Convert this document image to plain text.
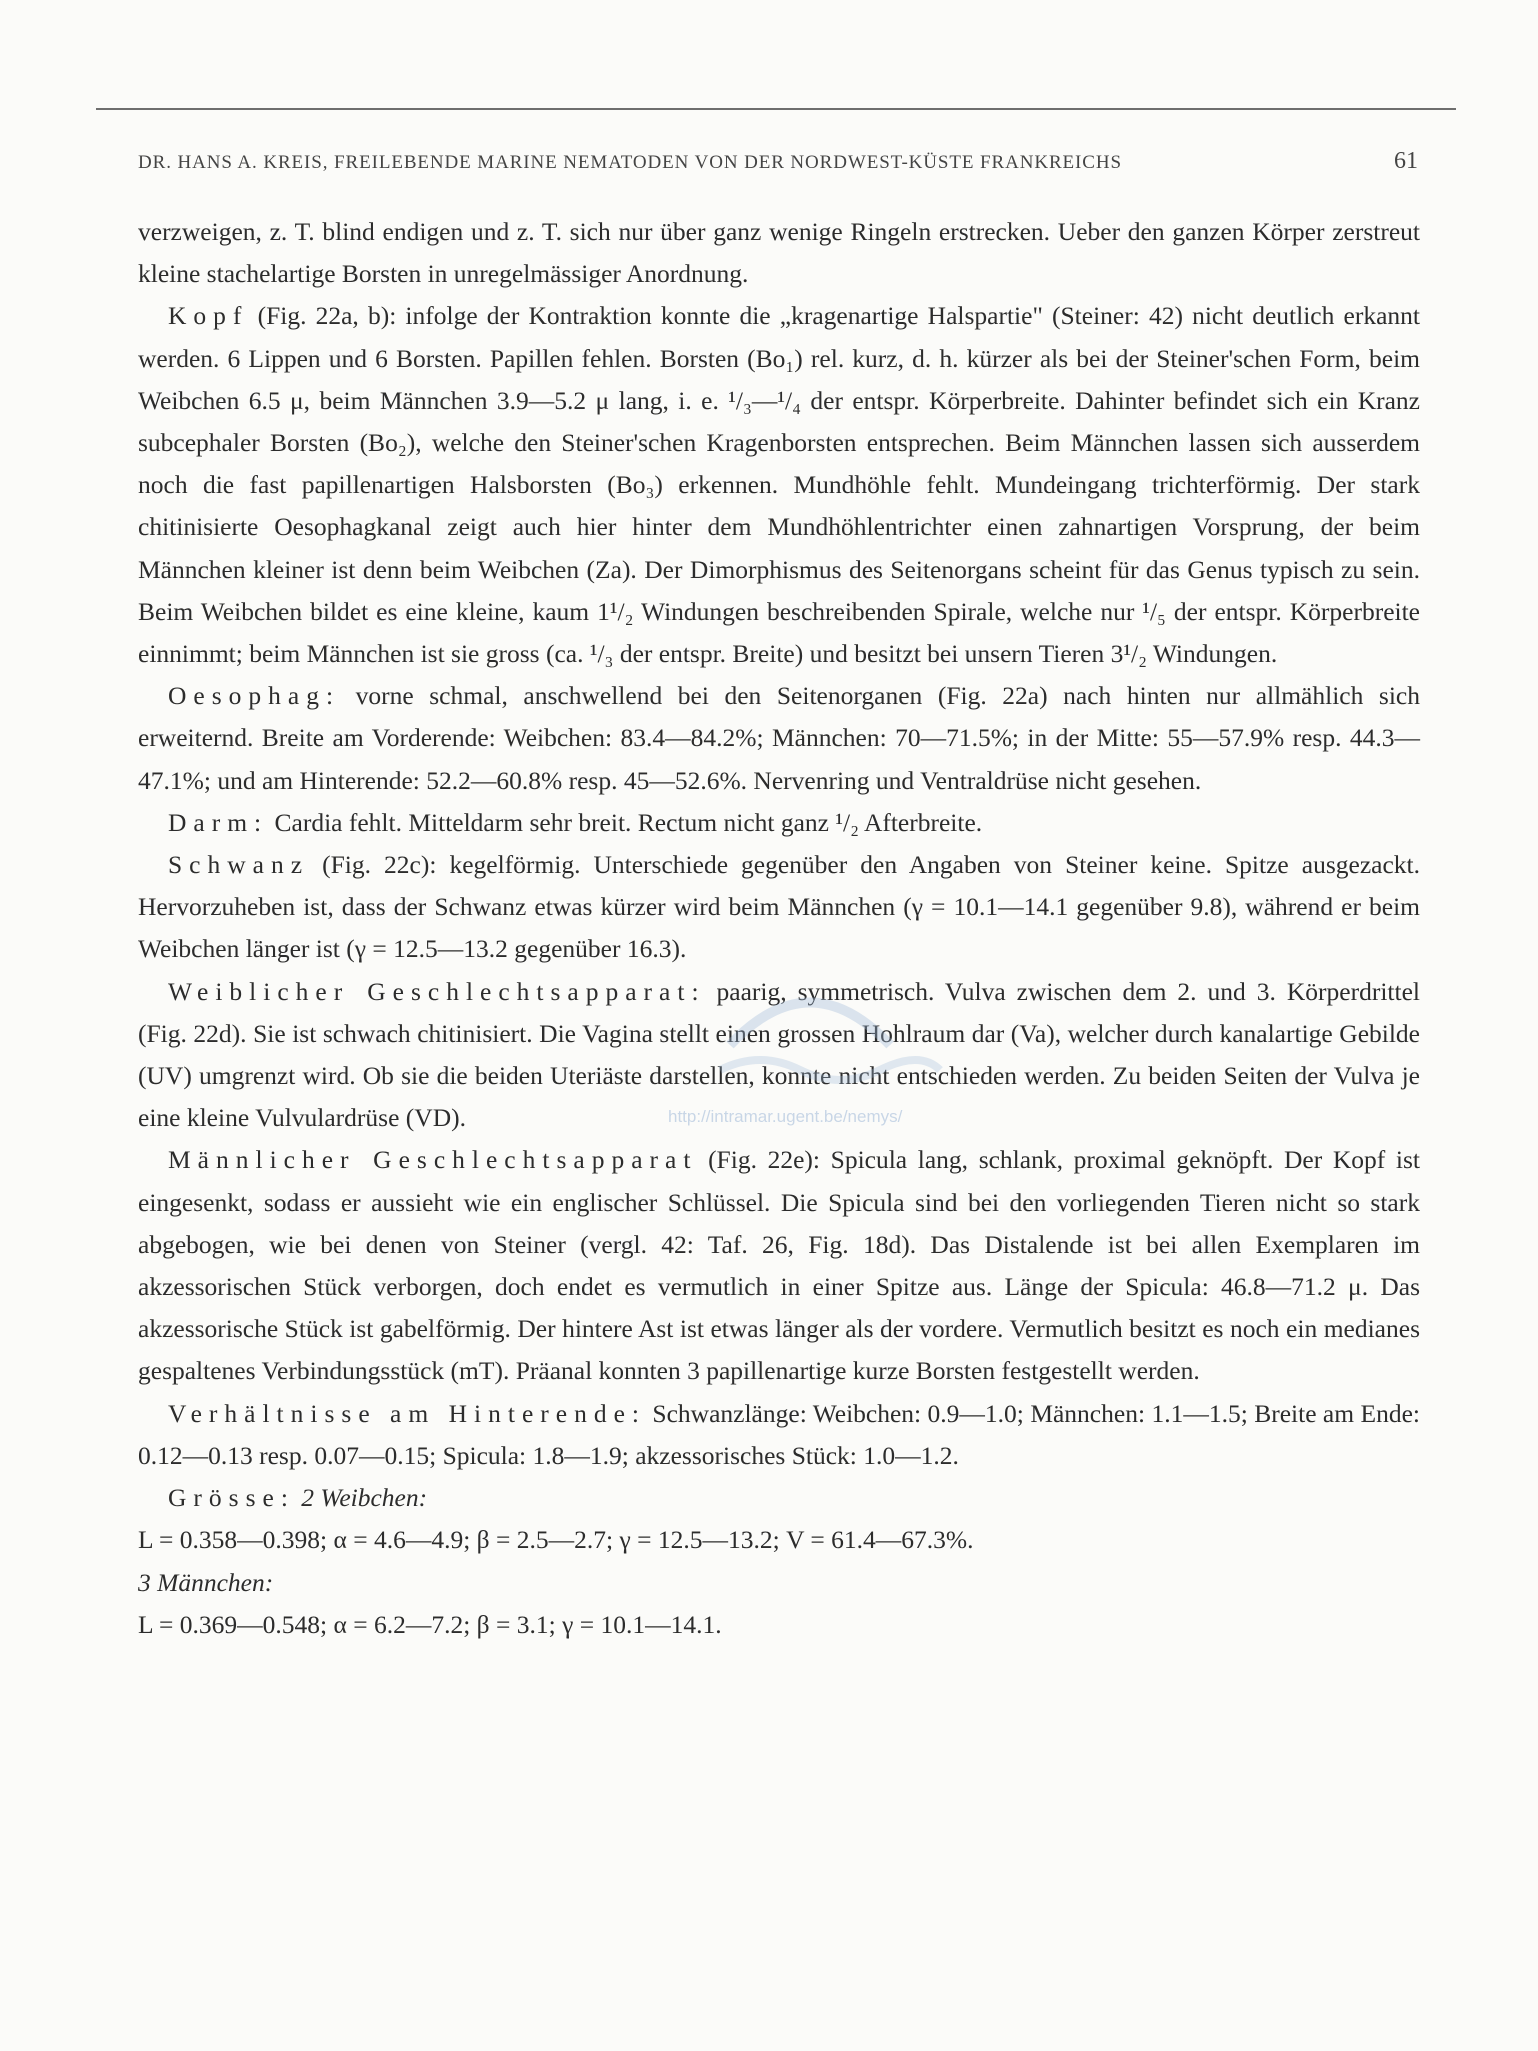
DR. HANS A. KREIS, FREILEBENDE MARINE NEMATODEN VON DER NORDWEST-KÜSTE FRANKREICHS	61

verzweigen, z. T. blind endigen und z. T. sich nur über ganz wenige Ringeln erstrecken. Ueber den ganzen Körper zerstreut kleine stachelartige Borsten in unregelmässiger Anordnung.

Kopf (Fig. 22a, b): infolge der Kontraktion konnte die „kragenartige Halspartie" (Steiner: 42) nicht deutlich erkannt werden. 6 Lippen und 6 Borsten. Papillen fehlen. Borsten (Bo₁) rel. kurz, d. h. kürzer als bei der Steiner'schen Form, beim Weibchen 6.5 μ, beim Männchen 3.9—5.2 μ lang, i. e. ¹/₃—¹/₄ der entspr. Körperbreite. Dahinter befindet sich ein Kranz subcephaler Borsten (Bo₂), welche den Steiner'schen Kragenborsten entsprechen. Beim Männchen lassen sich ausserdem noch die fast papillenartigen Halsborsten (Bo₃) erkennen. Mundhöhle fehlt. Mundeingang trichterförmig. Der stark chitinisierte Oesophagkanal zeigt auch hier hinter dem Mundhöhlentrichter einen zahnartigen Vorsprung, der beim Männchen kleiner ist denn beim Weibchen (Za). Der Dimorphismus des Seitenorgans scheint für das Genus typisch zu sein. Beim Weibchen bildet es eine kleine, kaum 1¹/₂ Windungen beschreibenden Spirale, welche nur ¹/₅ der entspr. Körperbreite einnimmt; beim Männchen ist sie gross (ca. ¹/₃ der entspr. Breite) und besitzt bei unsern Tieren 3¹/₂ Windungen.

Oesophag: vorne schmal, anschwellend bei den Seitenorganen (Fig. 22a) nach hinten nur allmählich sich erweiternd. Breite am Vorderende: Weibchen: 83.4—84.2%; Männchen: 70—71.5%; in der Mitte: 55—57.9% resp. 44.3—47.1%; und am Hinterende: 52.2—60.8% resp. 45—52.6%. Nervenring und Ventraldrüse nicht gesehen.

Darm: Cardia fehlt. Mitteldarm sehr breit. Rectum nicht ganz ¹/₂ Afterbreite.

Schwanz (Fig. 22c): kegelförmig. Unterschiede gegenüber den Angaben von Steiner keine. Spitze ausgezackt. Hervorzuheben ist, dass der Schwanz etwas kürzer wird beim Männchen (γ = 10.1—14.1 gegenüber 9.8), während er beim Weibchen länger ist (γ = 12.5—13.2 gegenüber 16.3).

Weiblicher Geschlechtsapparat: paarig, symmetrisch. Vulva zwischen dem 2. und 3. Körperdrittel (Fig. 22d). Sie ist schwach chitinisiert. Die Vagina stellt einen grossen Hohlraum dar (Va), welcher durch kanalartige Gebilde (UV) umgrenzt wird. Ob sie die beiden Uteriäste darstellen, konnte nicht entschieden werden. Zu beiden Seiten der Vulva je eine kleine Vulvulardrüse (VD).

Männlicher Geschlechtsapparat (Fig. 22e): Spicula lang, schlank, proximal geknöpft. Der Kopf ist eingesenkt, sodass er aussieht wie ein englischer Schlüssel. Die Spicula sind bei den vorliegenden Tieren nicht so stark abgebogen, wie bei denen von Steiner (vergl. 42: Taf. 26, Fig. 18d). Das Distalende ist bei allen Exemplaren im akzessorischen Stück verborgen, doch endet es vermutlich in einer Spitze aus. Länge der Spicula: 46.8—71.2 μ. Das akzessorische Stück ist gabelförmig. Der hintere Ast ist etwas länger als der vordere. Vermutlich besitzt es noch ein medianes gespaltenes Verbindungsstück (mT). Präanal konnten 3 papillenartige kurze Borsten festgestellt werden.

Verhältnisse am Hinterende: Schwanzlänge: Weibchen: 0.9—1.0; Männchen: 1.1—1.5; Breite am Ende: 0.12—0.13 resp. 0.07—0.15; Spicula: 1.8—1.9; akzessorisches Stück: 1.0—1.2.

Grösse: 2 Weibchen:
L = 0.358—0.398; α = 4.6—4.9; β = 2.5—2.7; γ = 12.5—13.2; V = 61.4—67.3%.
3 Männchen:
L = 0.369—0.548; α = 6.2—7.2; β = 3.1; γ = 10.1—14.1.
http://intramar.ugent.be/nemys/
